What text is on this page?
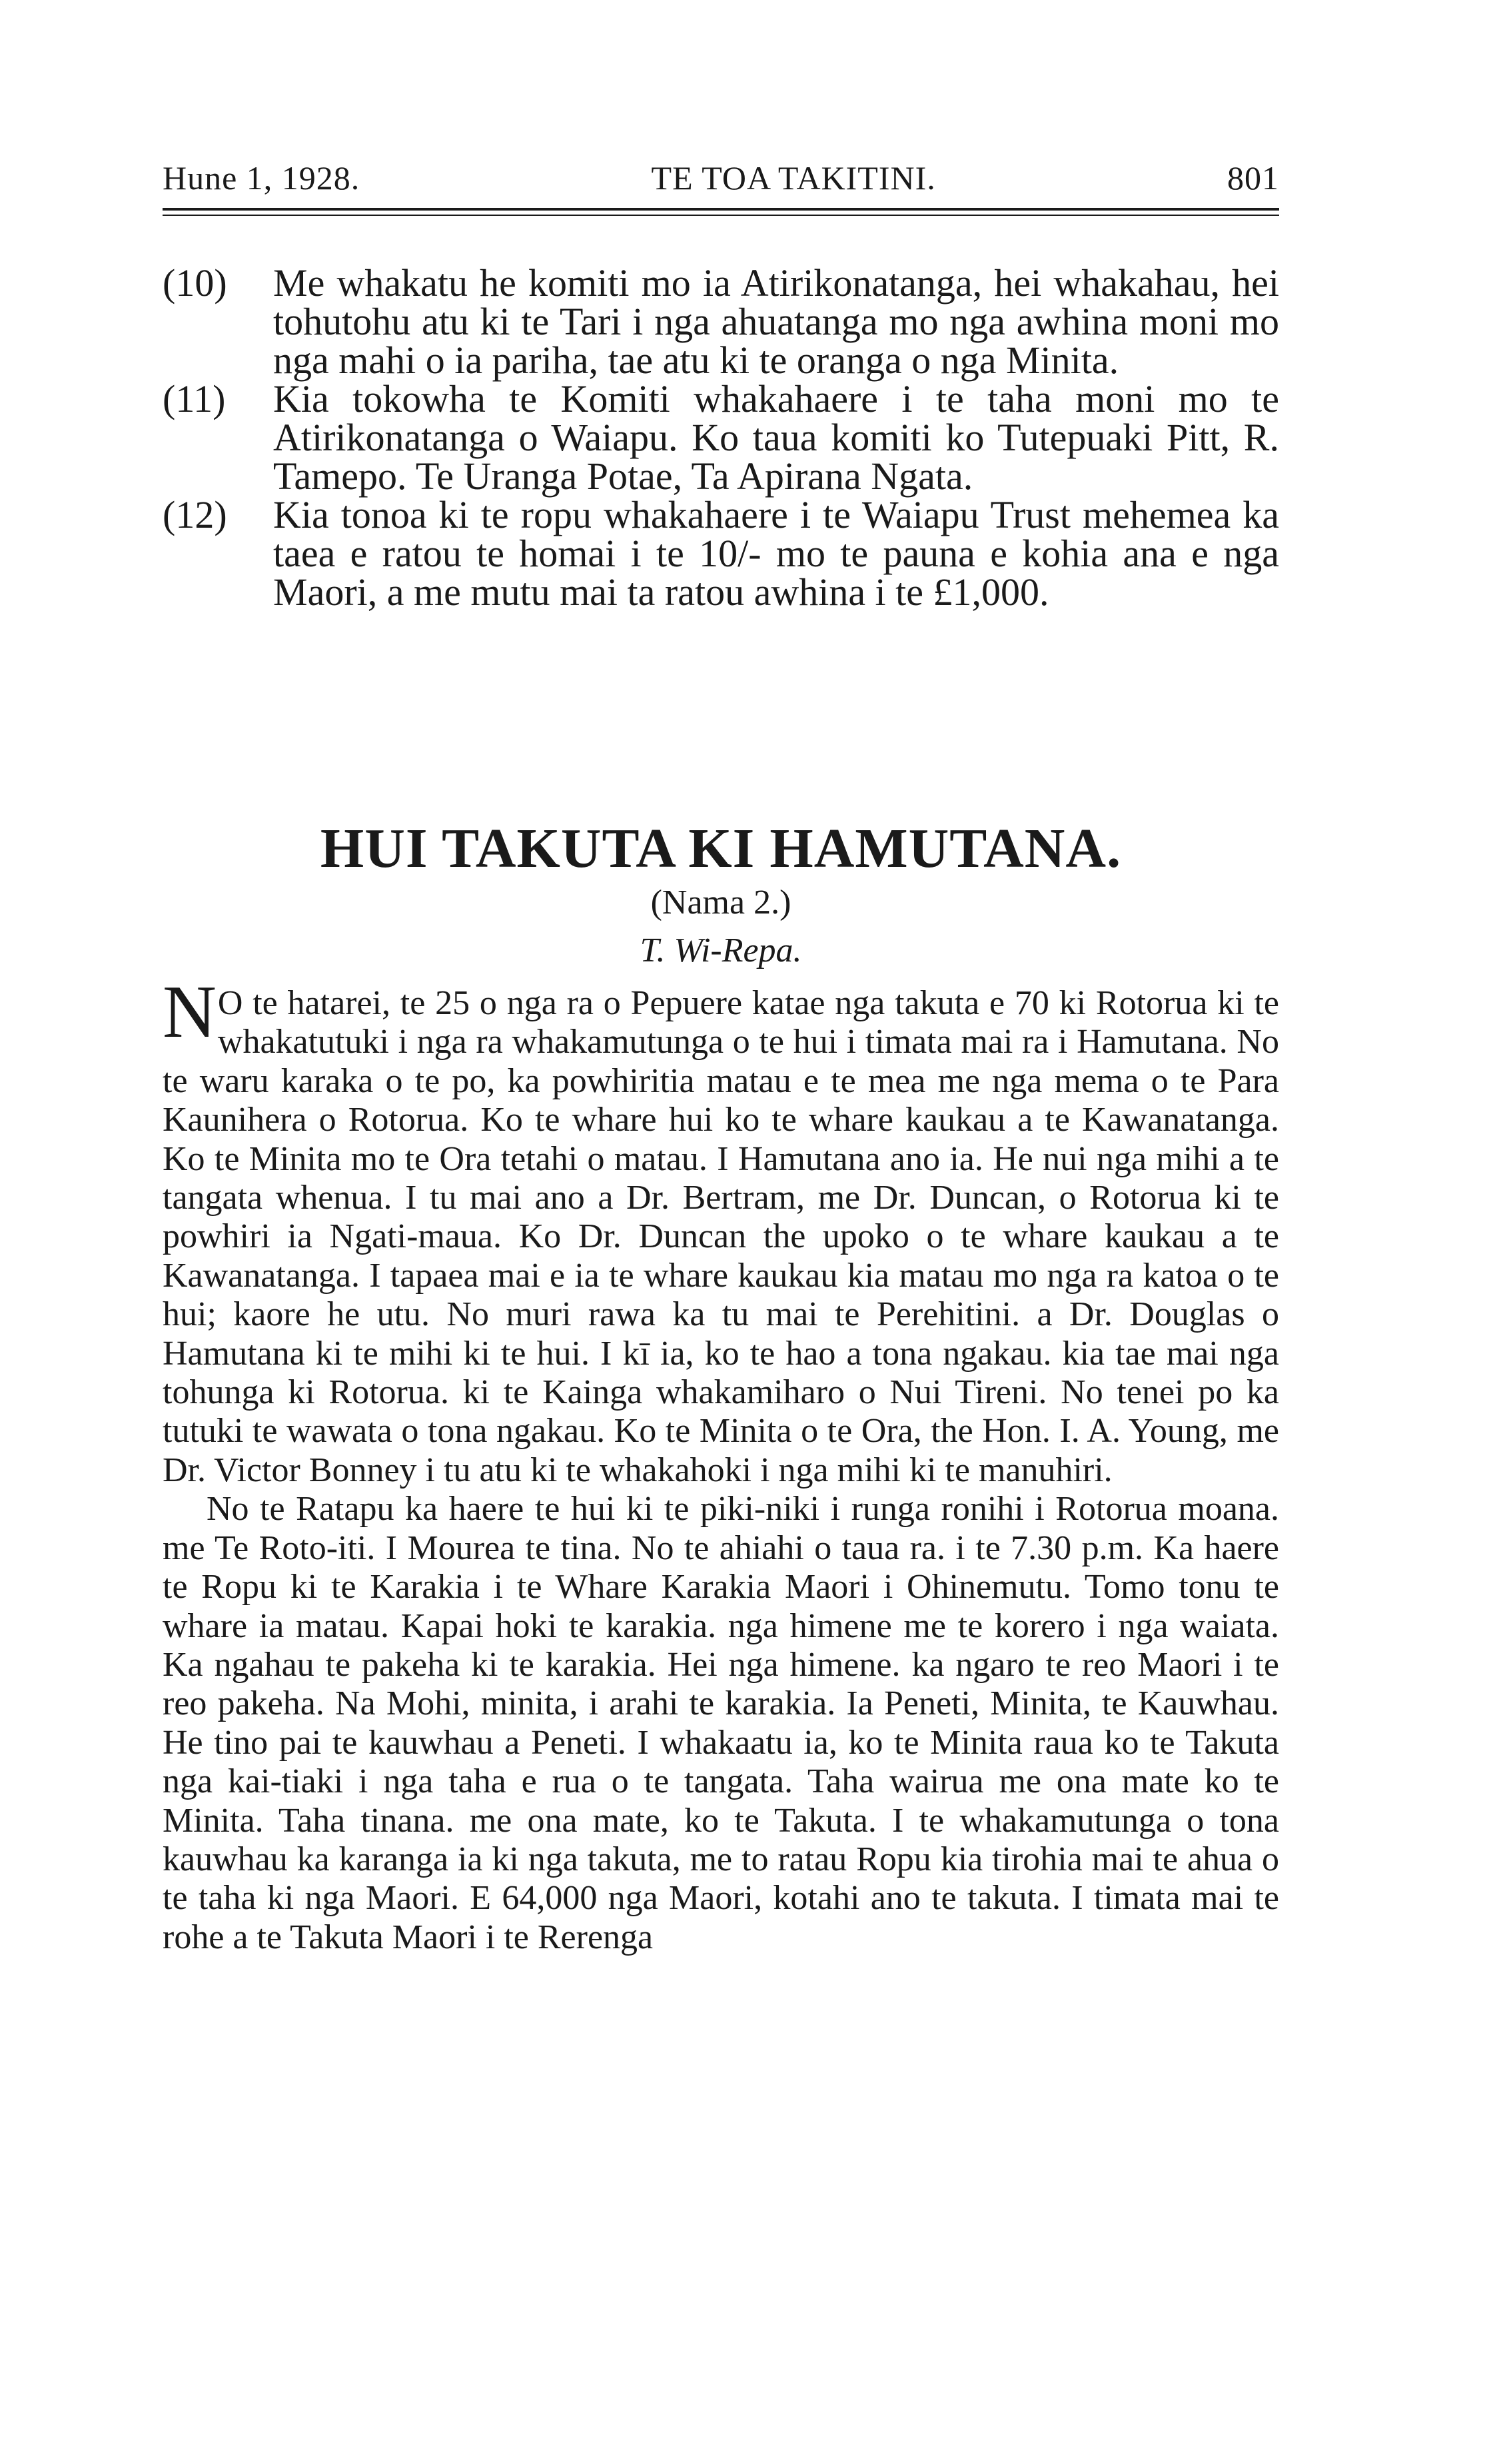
Hune 1, 1928.	TE TOA TAKITINI.	801
(10)	Me whakatu he komiti mo ia Atirikonatanga, hei whakahau, hei tohutohu atu ki te Tari i nga ahuatanga mo nga awhina moni mo nga mahi o ia pariha, tae atu ki te oranga o nga Minita.
(11)	Kia tokowha te Komiti whakahaere i te taha moni mo te Atirikonatanga o Waiapu. Ko taua komiti ko Tutepuaki Pitt, R. Tamepo. Te Uranga Potae, Ta Apirana Ngata.
(12)	Kia tonoa ki te ropu whakahaere i te Waiapu Trust mehemea ka taea e ratou te homai i te 10/- mo te pauna e kohia ana e nga Maori, a me mutu mai ta ratou awhina i te £1,000.
HUI TAKUTA KI HAMUTANA.
(Nama 2.)
T. Wi-Repa.

N O te hatarei, te 25 o nga ra o Pepuere katae nga takuta e 70 ki Rotorua ki te whakatutuki i nga ra whakamutunga o te hui i timata mai ra i Hamutana. No te waru karaka o te po, ka powhiritia matau e te mea me nga mema o te Para Kaunihera o Rotorua. Ko te whare hui ko te whare kaukau a te Kawanatanga. Ko te Minita mo te Ora tetahi o matau. I Hamutana ano ia. He nui nga mihi a te tangata whenua. I tu mai ano a Dr. Bertram, me Dr. Duncan, o Rotorua ki te powhiri ia Ngati-maua. Ko Dr. Duncan the upoko o te whare kaukau a te Kawanatanga. I tapaea mai e ia te whare kaukau kia matau mo nga ra katoa o te hui; kaore he utu. No muri rawa ka tu mai te Perehitini. a Dr. Douglas o Hamutana ki te mihi ki te hui. I kī ia, ko te hao a tona ngakau. kia tae mai nga tohunga ki Rotorua. ki te Kainga whakamiharo o Nui Tireni. No tenei po ka tutuki te wawata o tona ngakau. Ko te Minita o te Ora, the Hon. I. A. Young, me Dr. Victor Bonney i tu atu ki te whakahoki i nga mihi ki te manuhiri.

No te Ratapu ka haere te hui ki te piki-niki i runga ronihi i Rotorua moana. me Te Roto-iti. I Mourea te tina. No te ahiahi o taua ra. i te 7.30 p.m. Ka haere te Ropu ki te Karakia i te Whare Karakia Maori i Ohinemutu. Tomo tonu te whare ia matau. Kapai hoki te karakia. nga himene me te korero i nga waiata. Ka ngahau te pakeha ki te karakia. Hei nga himene. ka ngaro te reo Maori i te reo pakeha. Na Mohi, minita, i arahi te karakia. Ia Peneti, Minita, te Kauwhau. He tino pai te kauwhau a Peneti. I whakaatu ia, ko te Minita raua ko te Takuta nga kai-tiaki i nga taha e rua o te tangata. Taha wairua me ona mate ko te Minita. Taha tinana. me ona mate, ko te Takuta. I te whakamutunga o tona kauwhau ka karanga ia ki nga takuta, me to ratau Ropu kia tirohia mai te ahua o te taha ki nga Maori. E 64,000 nga Maori, kotahi ano te takuta. I timata mai te rohe a te Takuta Maori i te Rerenga
